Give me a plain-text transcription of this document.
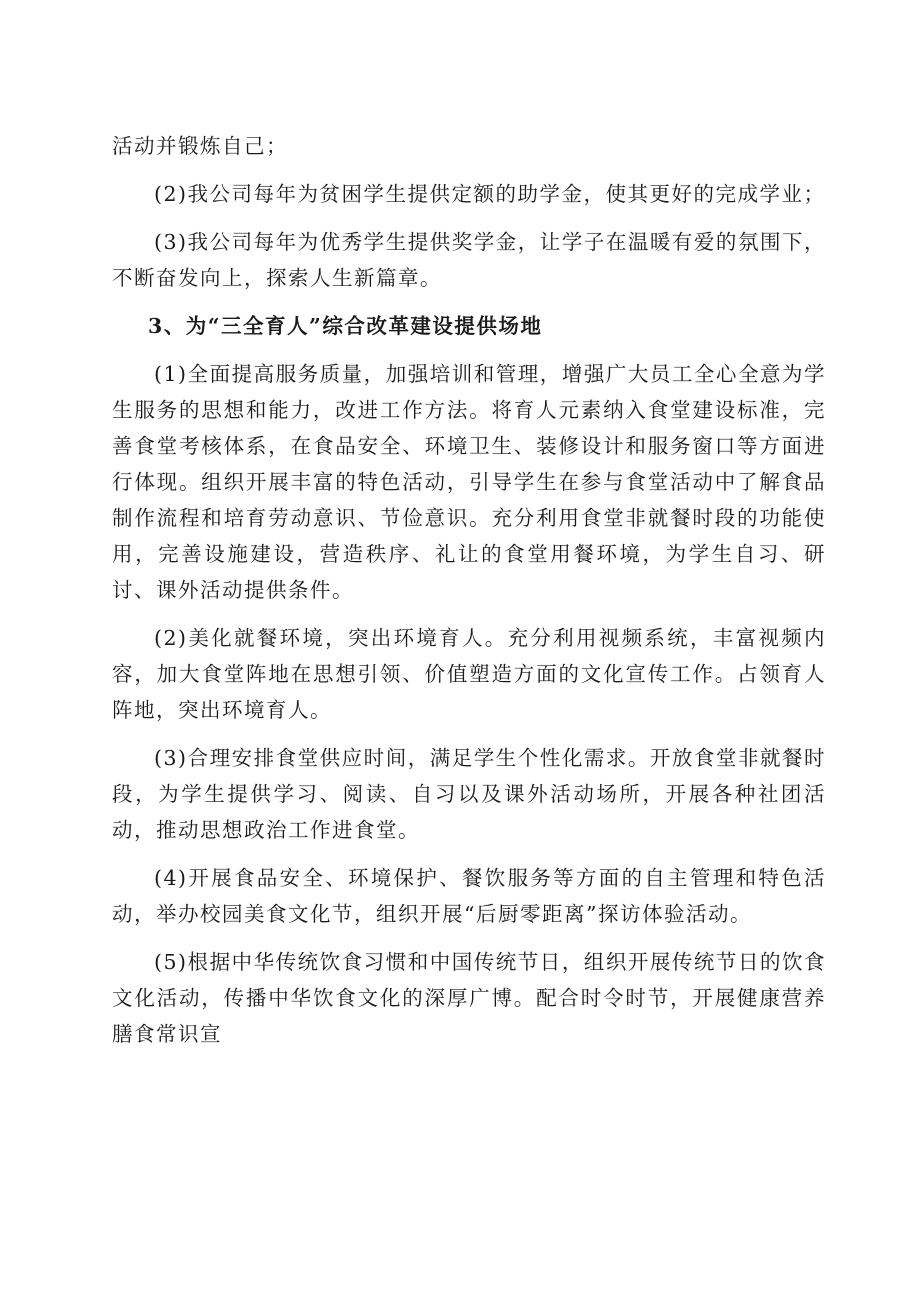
活动并锻炼自己；

(2)我公司每年为贫困学生提供定额的助学金，使其更好的完成学业；

(3)我公司每年为优秀学生提供奖学金，让学子在温暖有爱的氛围下，不断奋发向上，探索人生新篇章。

3、为“三全育人”综合改革建设提供场地

(1)全面提高服务质量，加强培训和管理，增强广大员工全心全意为学生服务的思想和能力，改进工作方法。将育人元素纳入食堂建设标准，完善食堂考核体系，在食品安全、环境卫生、装修设计和服务窗口等方面进行体现。组织开展丰富的特色活动，引导学生在参与食堂活动中了解食品制作流程和培育劳动意识、节俭意识。充分利用食堂非就餐时段的功能使用，完善设施建设，营造秩序、礼让的食堂用餐环境，为学生自习、研讨、课外活动提供条件。

(2)美化就餐环境，突出环境育人。充分利用视频系统，丰富视频内容，加大食堂阵地在思想引领、价值塑造方面的文化宣传工作。占领育人阵地，突出环境育人。

(3)合理安排食堂供应时间，满足学生个性化需求。开放食堂非就餐时段，为学生提供学习、阅读、自习以及课外活动场所，开展各种社团活动，推动思想政治工作进食堂。

(4)开展食品安全、环境保护、餐饮服务等方面的自主管理和特色活动，举办校园美食文化节，组织开展“后厨零距离”探访体验活动。

(5)根据中华传统饮食习惯和中国传统节日，组织开展传统节日的饮食文化活动，传播中华饮食文化的深厚广博。配合时令时节，开展健康营养膳食常识宣
